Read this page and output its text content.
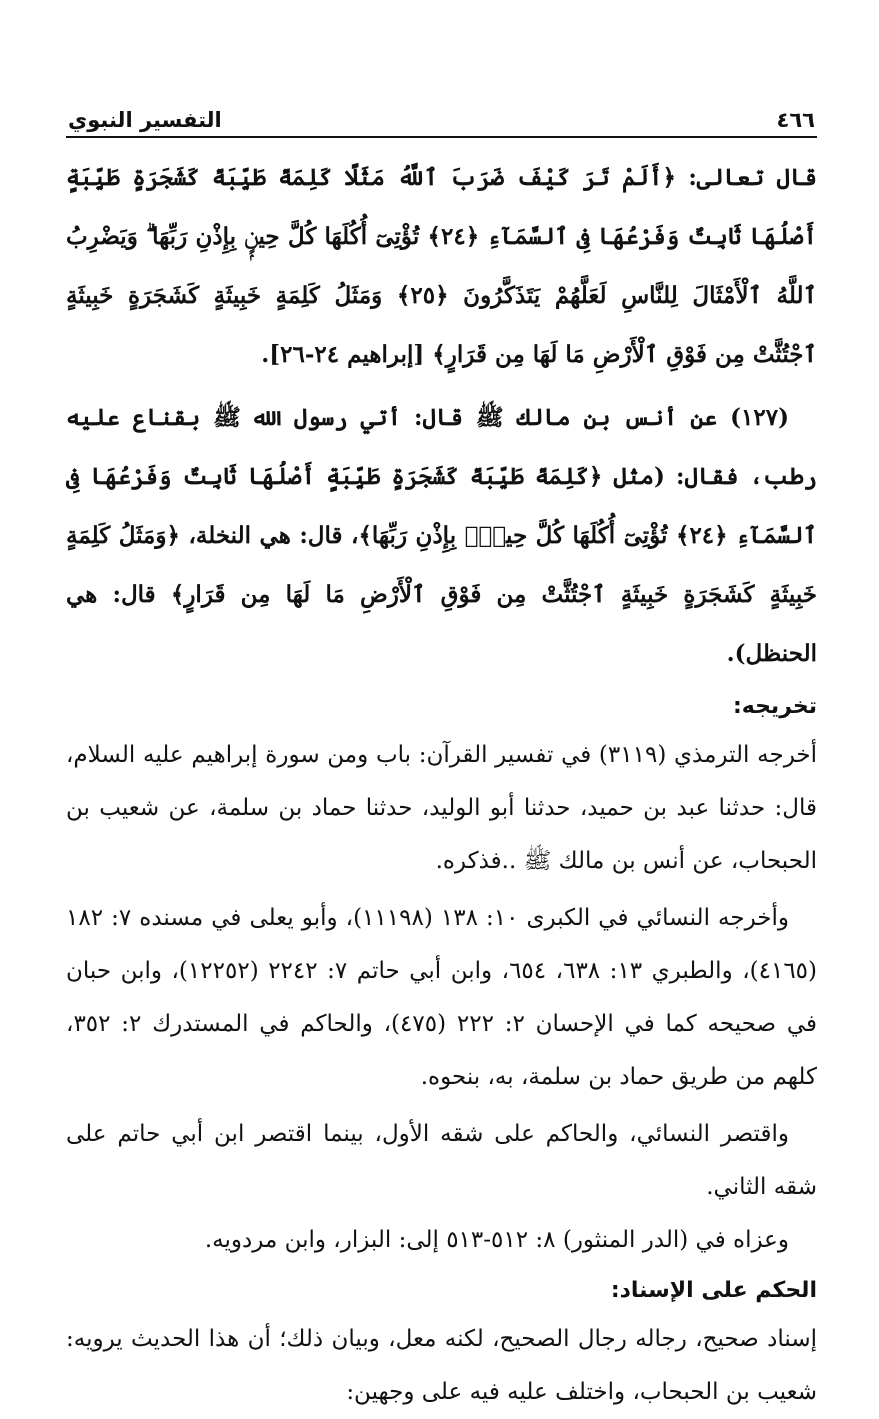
٤٦٦
التفسير النبوي

قال تعالى: ﴿أَلَمْ تَرَ كَيْفَ ضَرَبَ ٱللَّهُ مَثَلًا كَلِمَةً طَيِّبَةً كَشَجَرَةٍ طَيِّبَةٍ أَصْلُهَا ثَابِتٌ وَفَرْعُهَا فِى ٱلسَّمَآءِ ﴿٢٤﴾ تُؤْتِىٓ أُكُلَهَا كُلَّ حِينٍۭ بِإِذْنِ رَبِّهَا ۗ وَيَضْرِبُ ٱللَّهُ ٱلْأَمْثَالَ لِلنَّاسِ لَعَلَّهُمْ يَتَذَكَّرُونَ ﴿٢٥﴾ وَمَثَلُ كَلِمَةٍ خَبِيثَةٍ كَشَجَرَةٍ خَبِيثَةٍ ٱجْتُثَّتْ مِن فَوْقِ ٱلْأَرْضِ مَا لَهَا مِن قَرَارٍ﴾ [إبراهيم ٢٤-٢٦].

(١٢٧) عن أنس بن مالك ﷺ قال: أتي رسول الله ﷺ بقناع عليه رطب، فقال: (مثل ﴿كَلِمَةً طَيِّبَةً كَشَجَرَةٍ طَيِّبَةٍ أَصْلُهَا ثَابِتٌ وَفَرْعُهَا فِى ٱلسَّمَآءِ ﴿٢٤﴾ تُؤْتِىٓ أُكُلَهَا كُلَّ حِينٍۭ بِإِذْنِ رَبِّهَا﴾، قال: هي النخلة، ﴿وَمَثَلُ كَلِمَةٍ خَبِيثَةٍ كَشَجَرَةٍ خَبِيثَةٍ ٱجْتُثَّتْ مِن فَوْقِ ٱلْأَرْضِ مَا لَهَا مِن قَرَارٍ﴾ قال: هي الحنظل).

تخريجه:

أخرجه الترمذي (٣١١٩) في تفسير القرآن: باب ومن سورة إبراهيم عليه السلام، قال: حدثنا عبد بن حميد، حدثنا أبو الوليد، حدثنا حماد بن سلمة، عن شعيب بن الحبحاب، عن أنس بن مالك ﷺ ..فذكره.

وأخرجه النسائي في الكبرى ١٠: ١٣٨ (١١١٩٨)، وأبو يعلى في مسنده ٧: ١٨٢ (٤١٦٥)، والطبري ١٣: ٦٣٨، ٦٥٤، وابن أبي حاتم ٧: ٢٢٤٢ (١٢٢٥٢)، وابن حبان في صحيحه كما في الإحسان ٢: ٢٢٢ (٤٧٥)، والحاكم في المستدرك ٢: ٣٥٢، كلهم من طريق حماد بن سلمة، به، بنحوه.

واقتصر النسائي، والحاكم على شقه الأول، بينما اقتصر ابن أبي حاتم على شقه الثاني.

وعزاه في (الدر المنثور) ٨: ٥١٢-٥١٣ إلى: البزار، وابن مردويه.

الحكم على الإسناد:

إسناد صحيح، رجاله رجال الصحيح، لكنه معل، وبيان ذلك؛ أن هذا الحديث يرويه: شعيب بن الحبحاب، واختلف عليه فيه على وجهين:
